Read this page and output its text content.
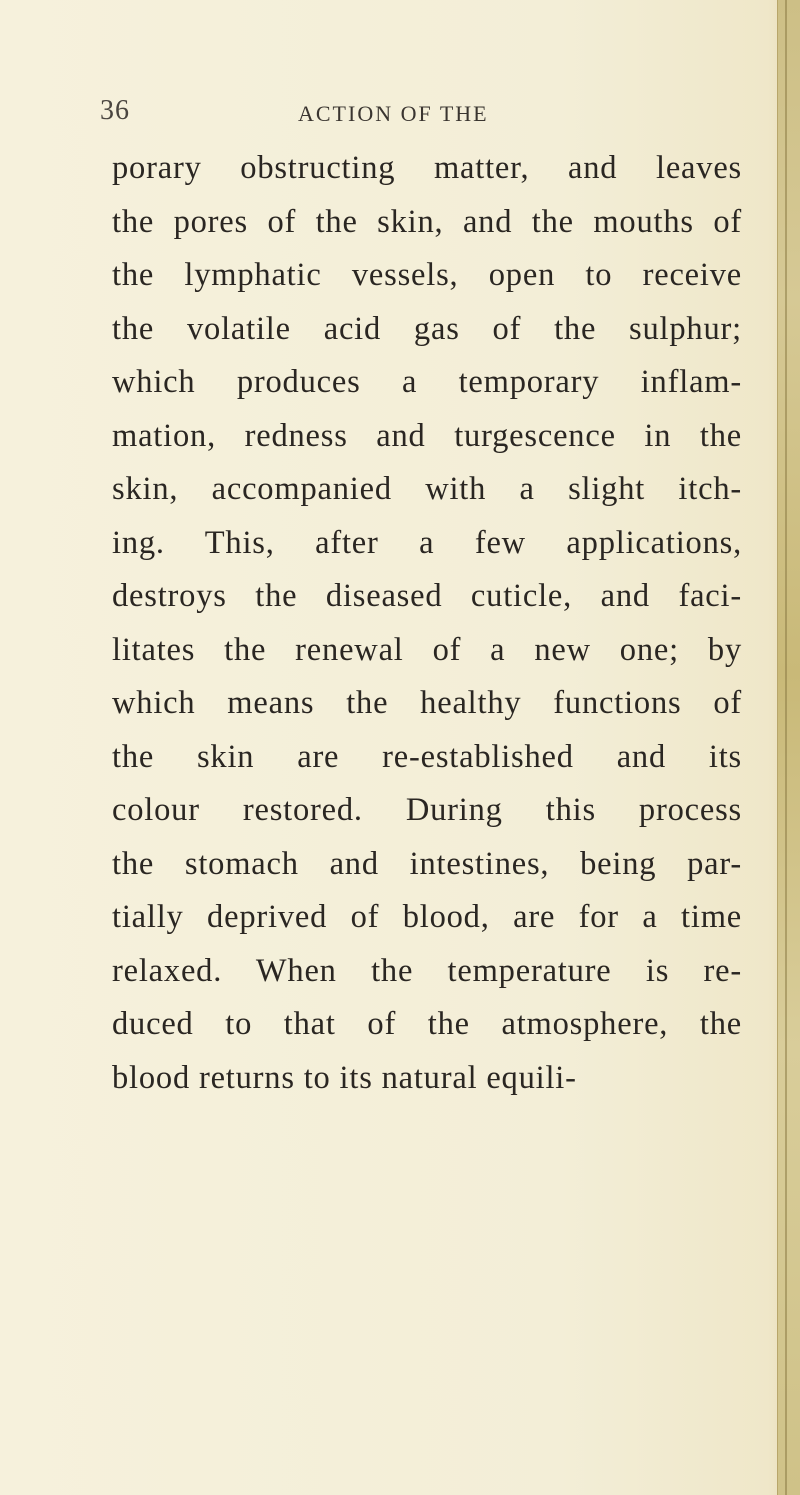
36	ACTION OF THE
porary obstructing matter, and leaves
the pores of the skin, and the mouths of
the lymphatic vessels, open to receive
the volatile acid gas of the sulphur;
which produces a temporary inflam-
mation, redness and turgescence in the
skin, accompanied with a slight itch-
ing. This, after a few applications,
destroys the diseased cuticle, and faci-
litates the renewal of a new one; by
which means the healthy functions of
the skin are re-established and its
colour restored. During this process
the stomach and intestines, being par-
tially deprived of blood, are for a time
relaxed. When the temperature is re-
duced to that of the atmosphere, the
blood returns to its natural equili-
